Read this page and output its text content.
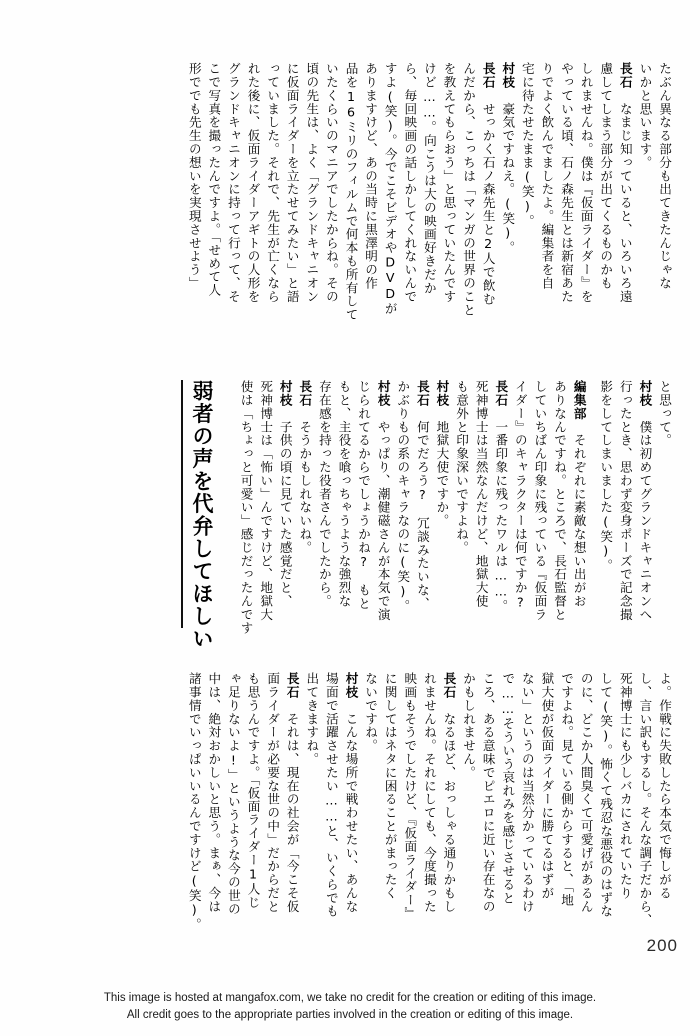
たぶん異なる部分も出てきたんじゃな
いかと思います。
長石　なまじ知っていると、いろいろ遠
慮してしまう部分が出てくるものかも
しれませんね。僕は『仮面ライダー』を
やっている頃、石ノ森先生とは新宿あた
りでよく飲んでましたよ。編集者を自
宅に待たせたまま(笑)。
村枝　豪気ですねえ。(笑)。
長石　せっかく石ノ森先生と2人で飲む
んだから、こっちは「マンガの世界のこと
を教えてもらおう」と思っていたんです
けど……。向こうは大の映画好きだか
ら、毎回映画の話しかしてくれないんで
すよ(笑)。今でこそビデオやDVDが
ありますけど、あの当時に黒澤明の作
品を16ミリのフィルムで何本も所有して
いたくらいのマニアでしたからね。その
頃の先生は、よく「グランドキャニオン
に仮面ライダーを立たせてみたい」と語
っていました。それで、先生が亡くなら
れた後に、仮面ライダーアギトの人形を
グランドキャニオンに持って行って、そ
こで写真を撮ったんですよ。「せめて人
形ででも先生の想いを実現させよう」
弱者の声を代弁してほしい	と思って。
村枝　僕は初めてグランドキャニオンへ
行ったとき、思わず変身ポーズで記念撮
影をしてしまいました(笑)。
編集部　それぞれに素敵な想い出がお
ありなんですね。ところで、長石監督と
していちばん印象に残っている『仮面ラ
イダー』のキャラクターは何ですか?
長石　一番印象に残ったワルは……。
死神博士は当然なんだけど、地獄大使
も意外と印象深いですよね。
村枝　地獄大使ですか。
長石　何でだろう?　冗談みたいな、
かぶりもの系のキャラなのに(笑)。
村枝　やっぱり、潮健磁さんが本気で演
じられてるからでしょうかね?　もと
もと、主役を喰っちゃうような強烈な
存在感を持った役者さんでしたから。
長石　そうかもしれないね。
村枝　子供の頃に見ていた感覚だと、
死神博士は「怖い」んですけど、地獄大
使は「ちょっと可愛い」感じだったんです
よ。作戦に失敗したら本気で悔しがる
し、言い訳もするし。そんな調子だから、
死神博士にも少しバカにされていたり
して(笑)。怖くて残忍な悪役のはずな
のに、どこか人間臭くて可愛げがあるん
ですよね。見ている側からすると、「地
獄大使が仮面ライダーに勝てるはずが
ない」というのは当然分かっているわけ
で……そういう哀れみを感じさせると
ころ、ある意味でピエロに近い存在なの
かもしれません。
長石　なるほど、おっしゃる通りかもし
れませんね。それにしても、今度撮った
映画もそうでしたけど、『仮面ライダー』
に関してはネタに困ることがまったく
ないですね。
村枝　こんな場所で戦わせたい、あんな
場面で活躍させたい……と、いくらでも
出てきますね。
長石　それは、現在の社会が「今こそ仮
面ライダーが必要な世の中」だからだと
も思うんですよ。「仮面ライダー1人じ
ゃ足りないよ!」というような今の世の
中は、絶対おかしいと思う。まぁ、今は
諸事情でいっぱいいるんですけど(笑)。
200
This image is hosted at mangafox.com, we take no credit for the creation or editing of this image.
All credit goes to the appropriate parties involved in the creation or editing of this image.
